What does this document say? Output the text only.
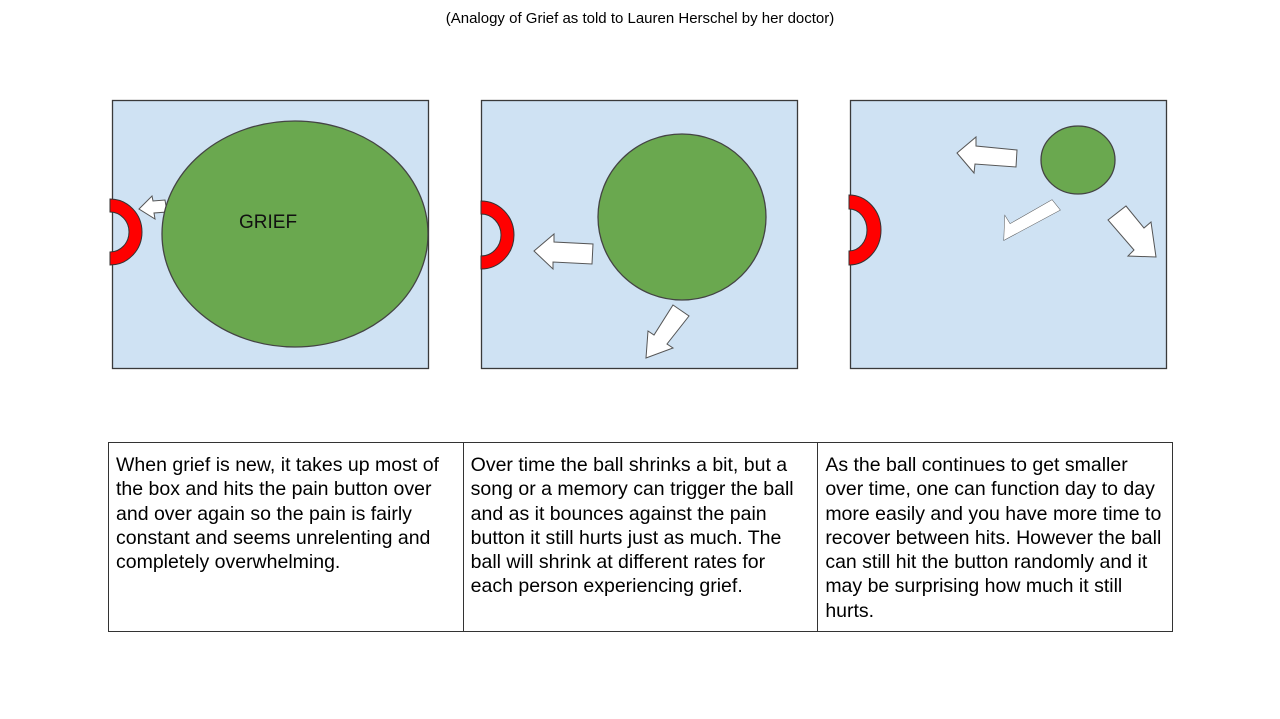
(Analogy of Grief as told to Lauren Herschel by her doctor)
GRIEF
When grief is new, it takes up most of the box and hits the pain button over and over again so the pain is fairly constant and seems unrelenting and completely overwhelming.	Over time the ball shrinks a bit, but a song or a memory can trigger the ball and as it bounces against the pain button it still hurts just as much. The ball will shrink at different rates for each person experiencing grief.	As the ball continues to get smaller over time, one can function day to day more easily and you have more time to recover between hits. However the ball can still hit the button randomly and it may be surprising how much it still hurts.
